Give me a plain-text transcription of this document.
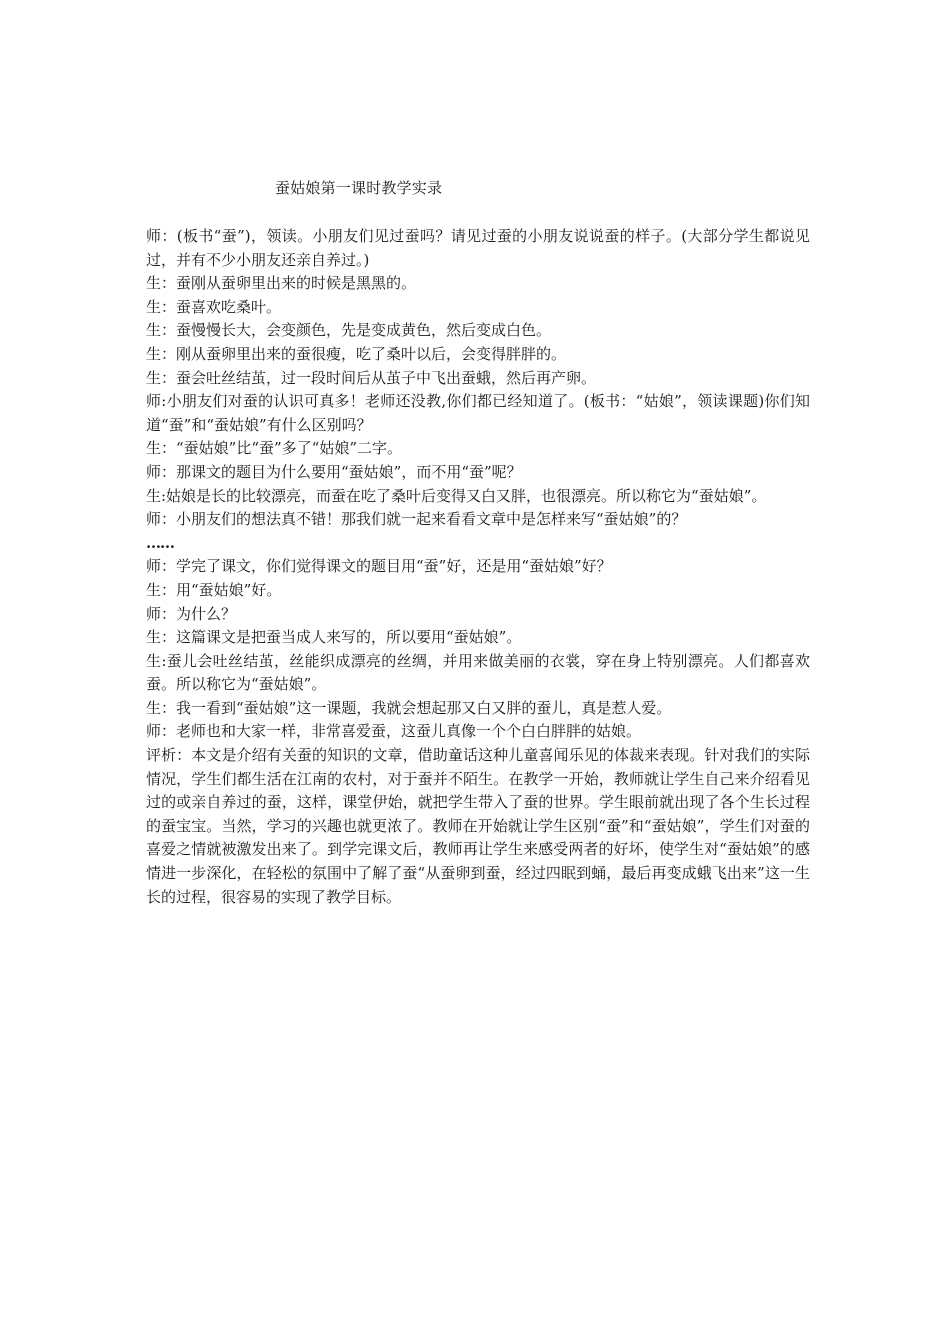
蚕姑娘第一课时教学实录

师：(板书“蚕”)，领读。小朋友们见过蚕吗？请见过蚕的小朋友说说蚕的样子。(大部分学生都说见过，并有不少小朋友还亲自养过。)

生：蚕刚从蚕卵里出来的时候是黑黑的。

生：蚕喜欢吃桑叶。

生：蚕慢慢长大，会变颜色，先是变成黄色，然后变成白色。

生：刚从蚕卵里出来的蚕很瘦，吃了桑叶以后，会变得胖胖的。

生：蚕会吐丝结茧，过一段时间后从茧子中飞出蚕蛾，然后再产卵。

师:小朋友们对蚕的认识可真多！老师还没教,你们都已经知道了。(板书：“姑娘”，领读课题)你们知道“蚕”和“蚕姑娘”有什么区别吗？

生：“蚕姑娘”比“蚕”多了“姑娘”二字。

师：那课文的题目为什么要用“蚕姑娘”，而不用“蚕”呢？

生:姑娘是长的比较漂亮，而蚕在吃了桑叶后变得又白又胖，也很漂亮。所以称它为“蚕姑娘”。

师：小朋友们的想法真不错！那我们就一起来看看文章中是怎样来写“蚕姑娘”的？

……

师：学完了课文，你们觉得课文的题目用“蚕”好，还是用“蚕姑娘”好？

生：用“蚕姑娘”好。

师：为什么？

生：这篇课文是把蚕当成人来写的，所以要用“蚕姑娘”。

生:蚕儿会吐丝结茧，丝能织成漂亮的丝绸，并用来做美丽的衣裳，穿在身上特别漂亮。人们都喜欢蚕。所以称它为“蚕姑娘”。

生：我一看到“蚕姑娘”这一课题，我就会想起那又白又胖的蚕儿，真是惹人爱。

师：老师也和大家一样，非常喜爱蚕，这蚕儿真像一个个白白胖胖的姑娘。

评析：本文是介绍有关蚕的知识的文章，借助童话这种儿童喜闻乐见的体裁来表现。针对我们的实际情况，学生们都生活在江南的农村，对于蚕并不陌生。在教学一开始，教师就让学生自己来介绍看见过的或亲自养过的蚕，这样，课堂伊始，就把学生带入了蚕的世界。学生眼前就出现了各个生长过程的蚕宝宝。当然，学习的兴趣也就更浓了。教师在开始就让学生区别“蚕”和“蚕姑娘”，学生们对蚕的喜爱之情就被激发出来了。到学完课文后，教师再让学生来感受两者的好坏，使学生对“蚕姑娘”的感情进一步深化，在轻松的氛围中了解了蚕“从蚕卵到蚕，经过四眠到蛹，最后再变成蛾飞出来”这一生长的过程，很容易的实现了教学目标。
